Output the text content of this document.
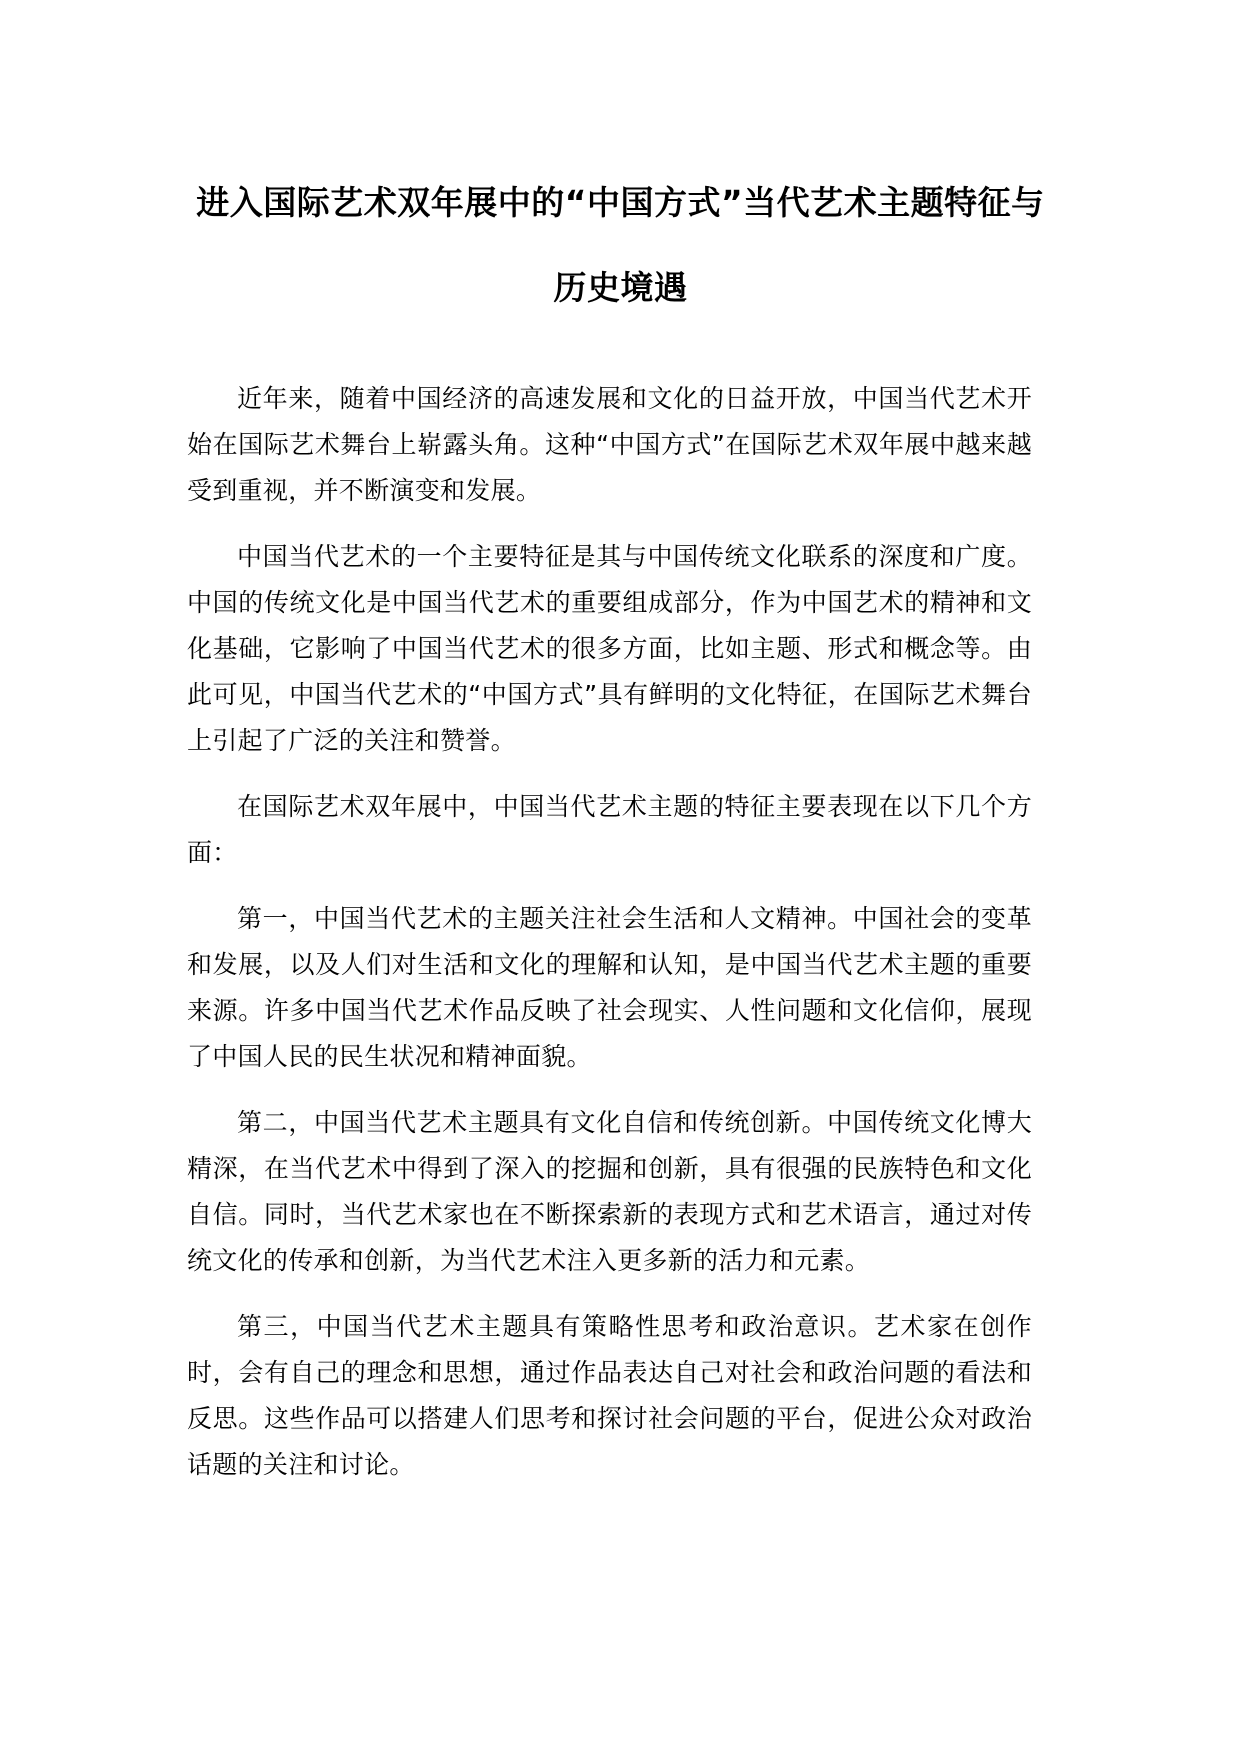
进入国际艺术双年展中的“中国方式”当代艺术主题特征与历史境遇

近年来，随着中国经济的高速发展和文化的日益开放，中国当代艺术开始在国际艺术舞台上崭露头角。这种“中国方式”在国际艺术双年展中越来越受到重视，并不断演变和发展。

中国当代艺术的一个主要特征是其与中国传统文化联系的深度和广度。中国的传统文化是中国当代艺术的重要组成部分，作为中国艺术的精神和文化基础，它影响了中国当代艺术的很多方面，比如主题、形式和概念等。由此可见，中国当代艺术的“中国方式”具有鲜明的文化特征，在国际艺术舞台上引起了广泛的关注和赞誉。

在国际艺术双年展中，中国当代艺术主题的特征主要表现在以下几个方面：

第一，中国当代艺术的主题关注社会生活和人文精神。中国社会的变革和发展，以及人们对生活和文化的理解和认知，是中国当代艺术主题的重要来源。许多中国当代艺术作品反映了社会现实、人性问题和文化信仰，展现了中国人民的民生状况和精神面貌。

第二，中国当代艺术主题具有文化自信和传统创新。中国传统文化博大精深，在当代艺术中得到了深入的挖掘和创新，具有很强的民族特色和文化自信。同时，当代艺术家也在不断探索新的表现方式和艺术语言，通过对传统文化的传承和创新，为当代艺术注入更多新的活力和元素。

第三，中国当代艺术主题具有策略性思考和政治意识。艺术家在创作时，会有自己的理念和思想，通过作品表达自己对社会和政治问题的看法和反思。这些作品可以搭建人们思考和探讨社会问题的平台，促进公众对政治话题的关注和讨论。
